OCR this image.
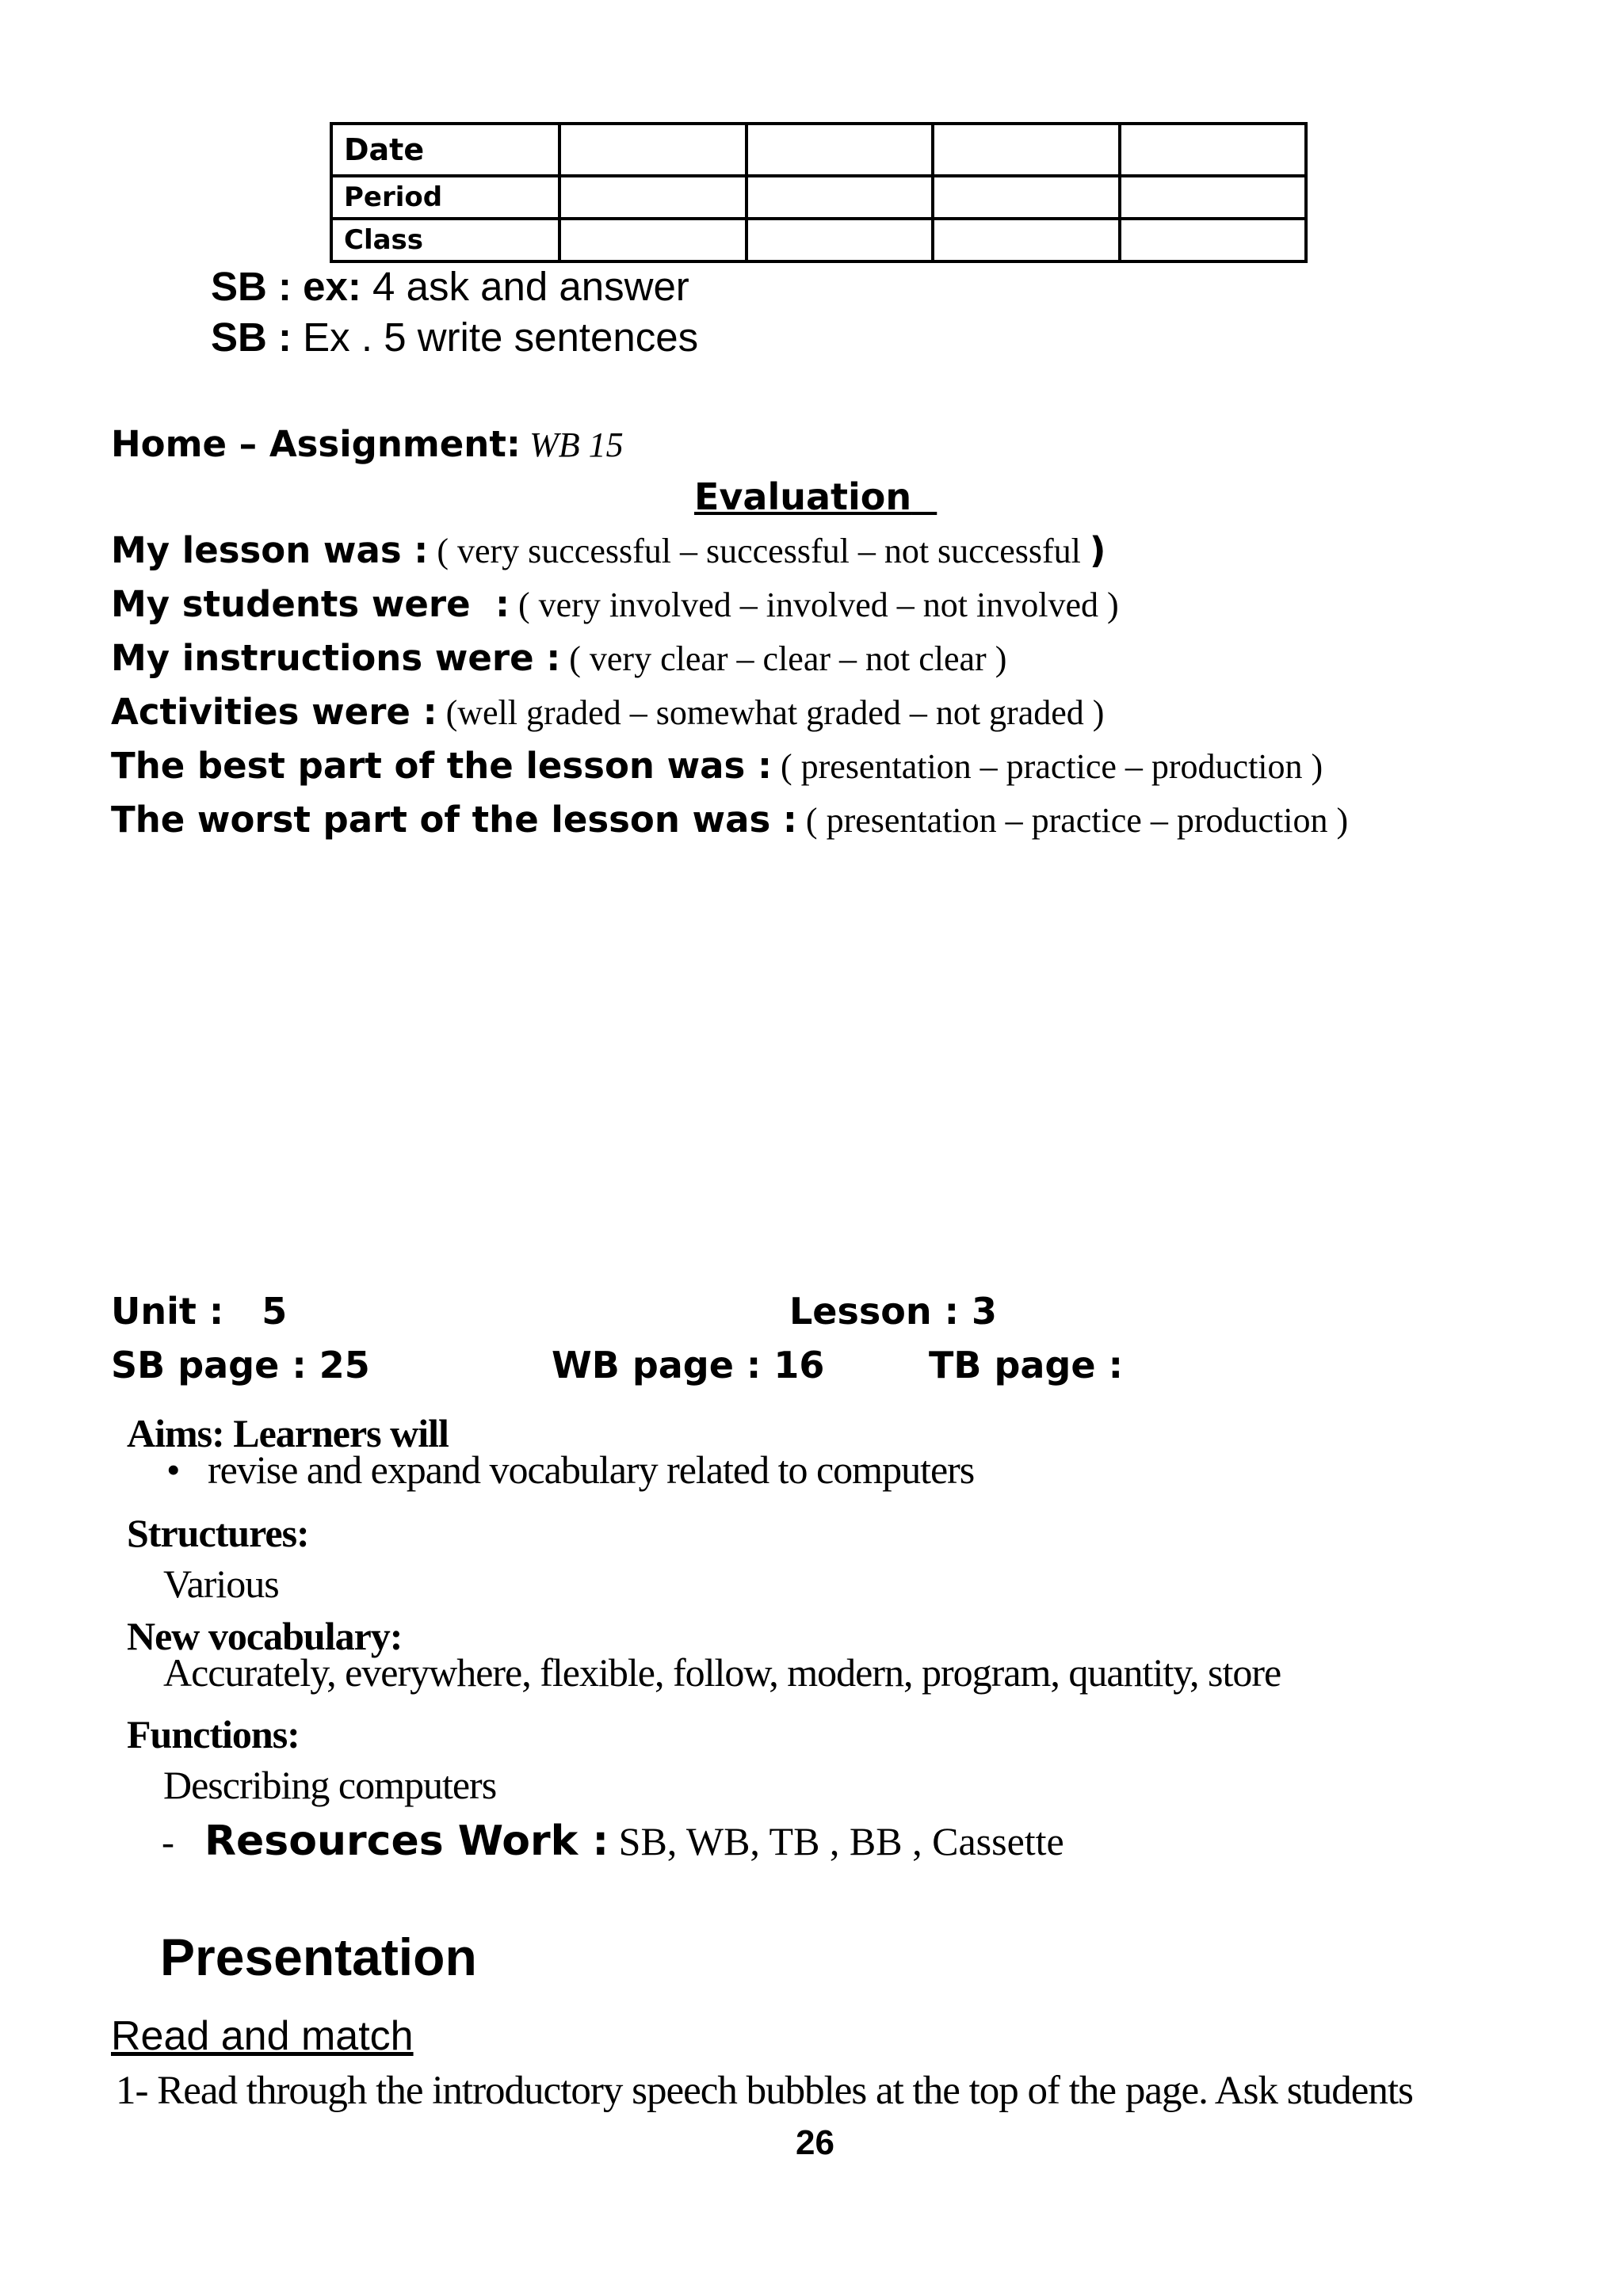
Date				
Period				
Class				
SB : ex: 4 ask and answer
SB : Ex . 5 write sentences
Home – Assignment: WB 15
Evaluation
My lesson was : ( very successful – successful – not successful )
My students were  : ( very involved – involved – not involved )
My instructions were : ( very clear – clear – not clear )
Activities were : (well graded – somewhat graded – not graded )
The best part of the lesson was : ( presentation – practice – production )
The worst part of the lesson was : ( presentation – practice – production )
Unit :   5	Lesson : 3
SB page : 25	WB page : 16	TB page :
Aims: Learners will
• revise and expand vocabulary related to computers
Structures:
Various
New vocabulary:
Accurately, everywhere, flexible, follow, modern, program, quantity, store
Functions:
Describing computers
- Resources Work : SB, WB, TB , BB , Cassette
Presentation
Read and match
1- Read through the introductory speech bubbles at the top of the page. Ask students
26
